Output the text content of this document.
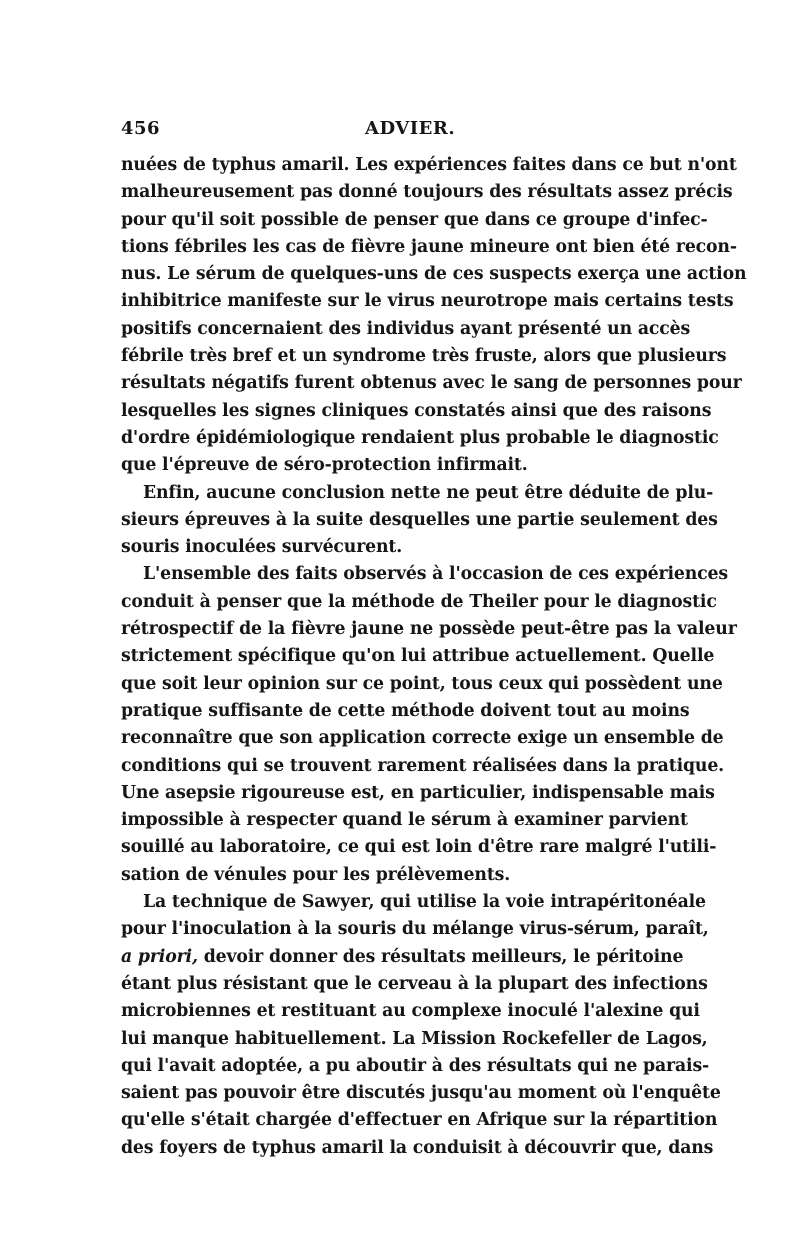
456	ADVIER.
nuées de typhus amaril. Les expériences faites dans ce but n'ont
malheureusement pas donné toujours des résultats assez précis
pour qu'il soit possible de penser que dans ce groupe d'infec-
tions fébriles les cas de fièvre jaune mineure ont bien été recon-
nus. Le sérum de quelques-uns de ces suspects exerça une action
inhibitrice manifeste sur le virus neurotrope mais certains tests
positifs concernaient des individus ayant présenté un accès
fébrile très bref et un syndrome très fruste, alors que plusieurs
résultats négatifs furent obtenus avec le sang de personnes pour
lesquelles les signes cliniques constatés ainsi que des raisons
d'ordre épidémiologique rendaient plus probable le diagnostic
que l'épreuve de séro-protection infirmait.
Enfin, aucune conclusion nette ne peut être déduite de plu-
sieurs épreuves à la suite desquelles une partie seulement des
souris inoculées survécurent.
L'ensemble des faits observés à l'occasion de ces expériences
conduit à penser que la méthode de Theiler pour le diagnostic
rétrospectif de la fièvre jaune ne possède peut-être pas la valeur
strictement spécifique qu'on lui attribue actuellement. Quelle
que soit leur opinion sur ce point, tous ceux qui possèdent une
pratique suffisante de cette méthode doivent tout au moins
reconnaître que son application correcte exige un ensemble de
conditions qui se trouvent rarement réalisées dans la pratique.
Une asepsie rigoureuse est, en particulier, indispensable mais
impossible à respecter quand le sérum à examiner parvient
souillé au laboratoire, ce qui est loin d'être rare malgré l'utili-
sation de vénules pour les prélèvements.
La technique de Sawyer, qui utilise la voie intrapéritonéale
pour l'inoculation à la souris du mélange virus-sérum, paraît,
a priori, devoir donner des résultats meilleurs, le péritoine
étant plus résistant que le cerveau à la plupart des infections
microbiennes et restituant au complexe inoculé l'alexine qui
lui manque habituellement. La Mission Rockefeller de Lagos,
qui l'avait adoptée, a pu aboutir à des résultats qui ne parais-
saient pas pouvoir être discutés jusqu'au moment où l'enquête
qu'elle s'était chargée d'effectuer en Afrique sur la répartition
des foyers de typhus amaril la conduisit à découvrir que, dans
